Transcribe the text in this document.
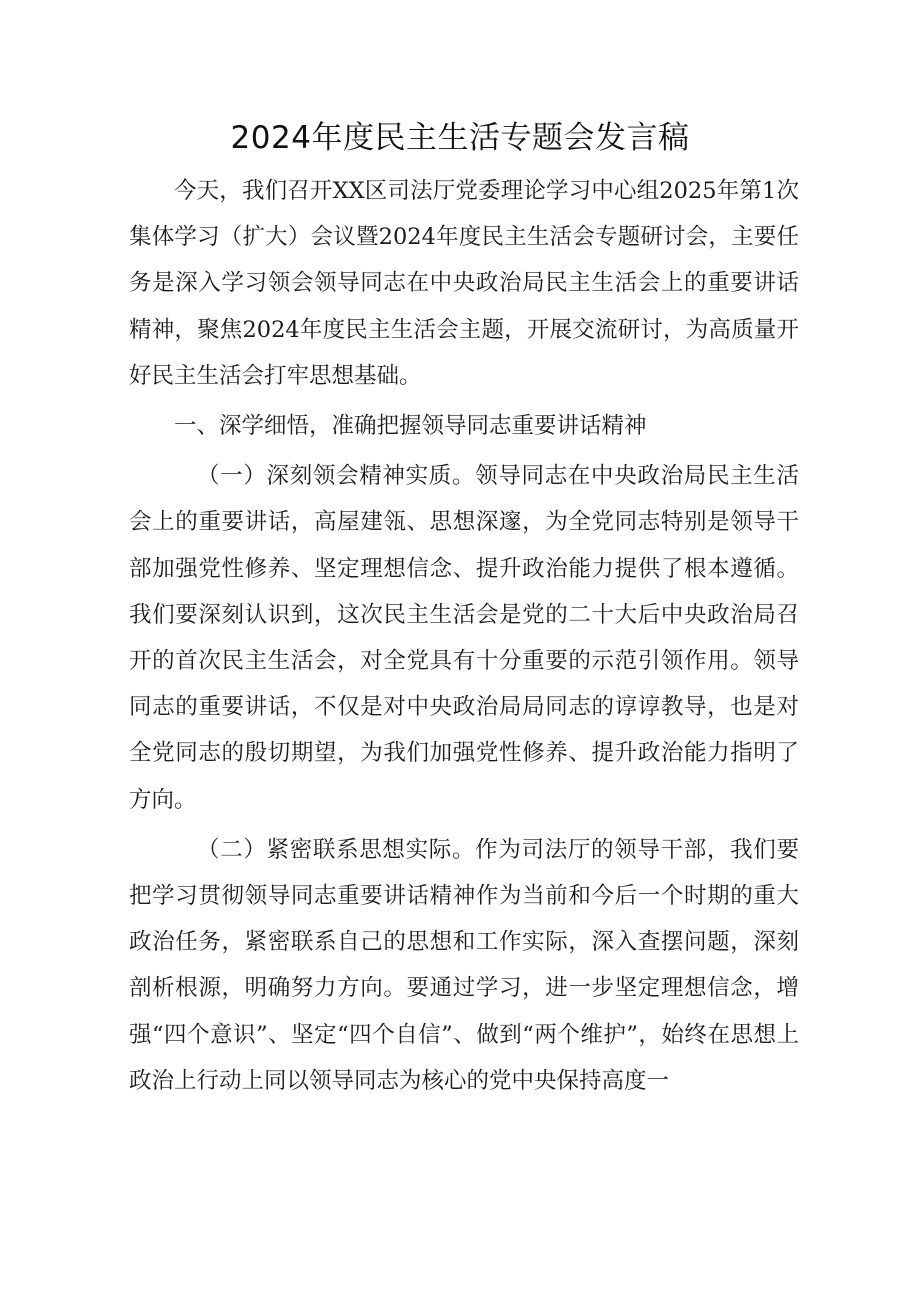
2024年度民主生活专题会发言稿

今天，我们召开XX区司法厅党委理论学习中心组2025年第1次集体学习（扩大）会议暨2024年度民主生活会专题研讨会，主要任务是深入学习领会领导同志在中央政治局民主生活会上的重要讲话精神，聚焦2024年度民主生活会主题，开展交流研讨，为高质量开好民主生活会打牢思想基础。

一、深学细悟，准确把握领导同志重要讲话精神

（一）深刻领会精神实质。领导同志在中央政治局民主生活会上的重要讲话，高屋建瓴、思想深邃，为全党同志特别是领导干部加强党性修养、坚定理想信念、提升政治能力提供了根本遵循。我们要深刻认识到，这次民主生活会是党的二十大后中央政治局召开的首次民主生活会，对全党具有十分重要的示范引领作用。领导同志的重要讲话，不仅是对中央政治局局同志的谆谆教导，也是对全党同志的殷切期望，为我们加强党性修养、提升政治能力指明了方向。

（二）紧密联系思想实际。作为司法厅的领导干部，我们要把学习贯彻领导同志重要讲话精神作为当前和今后一个时期的重大政治任务，紧密联系自己的思想和工作实际，深入查摆问题，深刻剖析根源，明确努力方向。要通过学习，进一步坚定理想信念，增强“四个意识”、坚定“四个自信”、做到“两个维护”，始终在思想上政治上行动上同以领导同志为核心的党中央保持高度一
